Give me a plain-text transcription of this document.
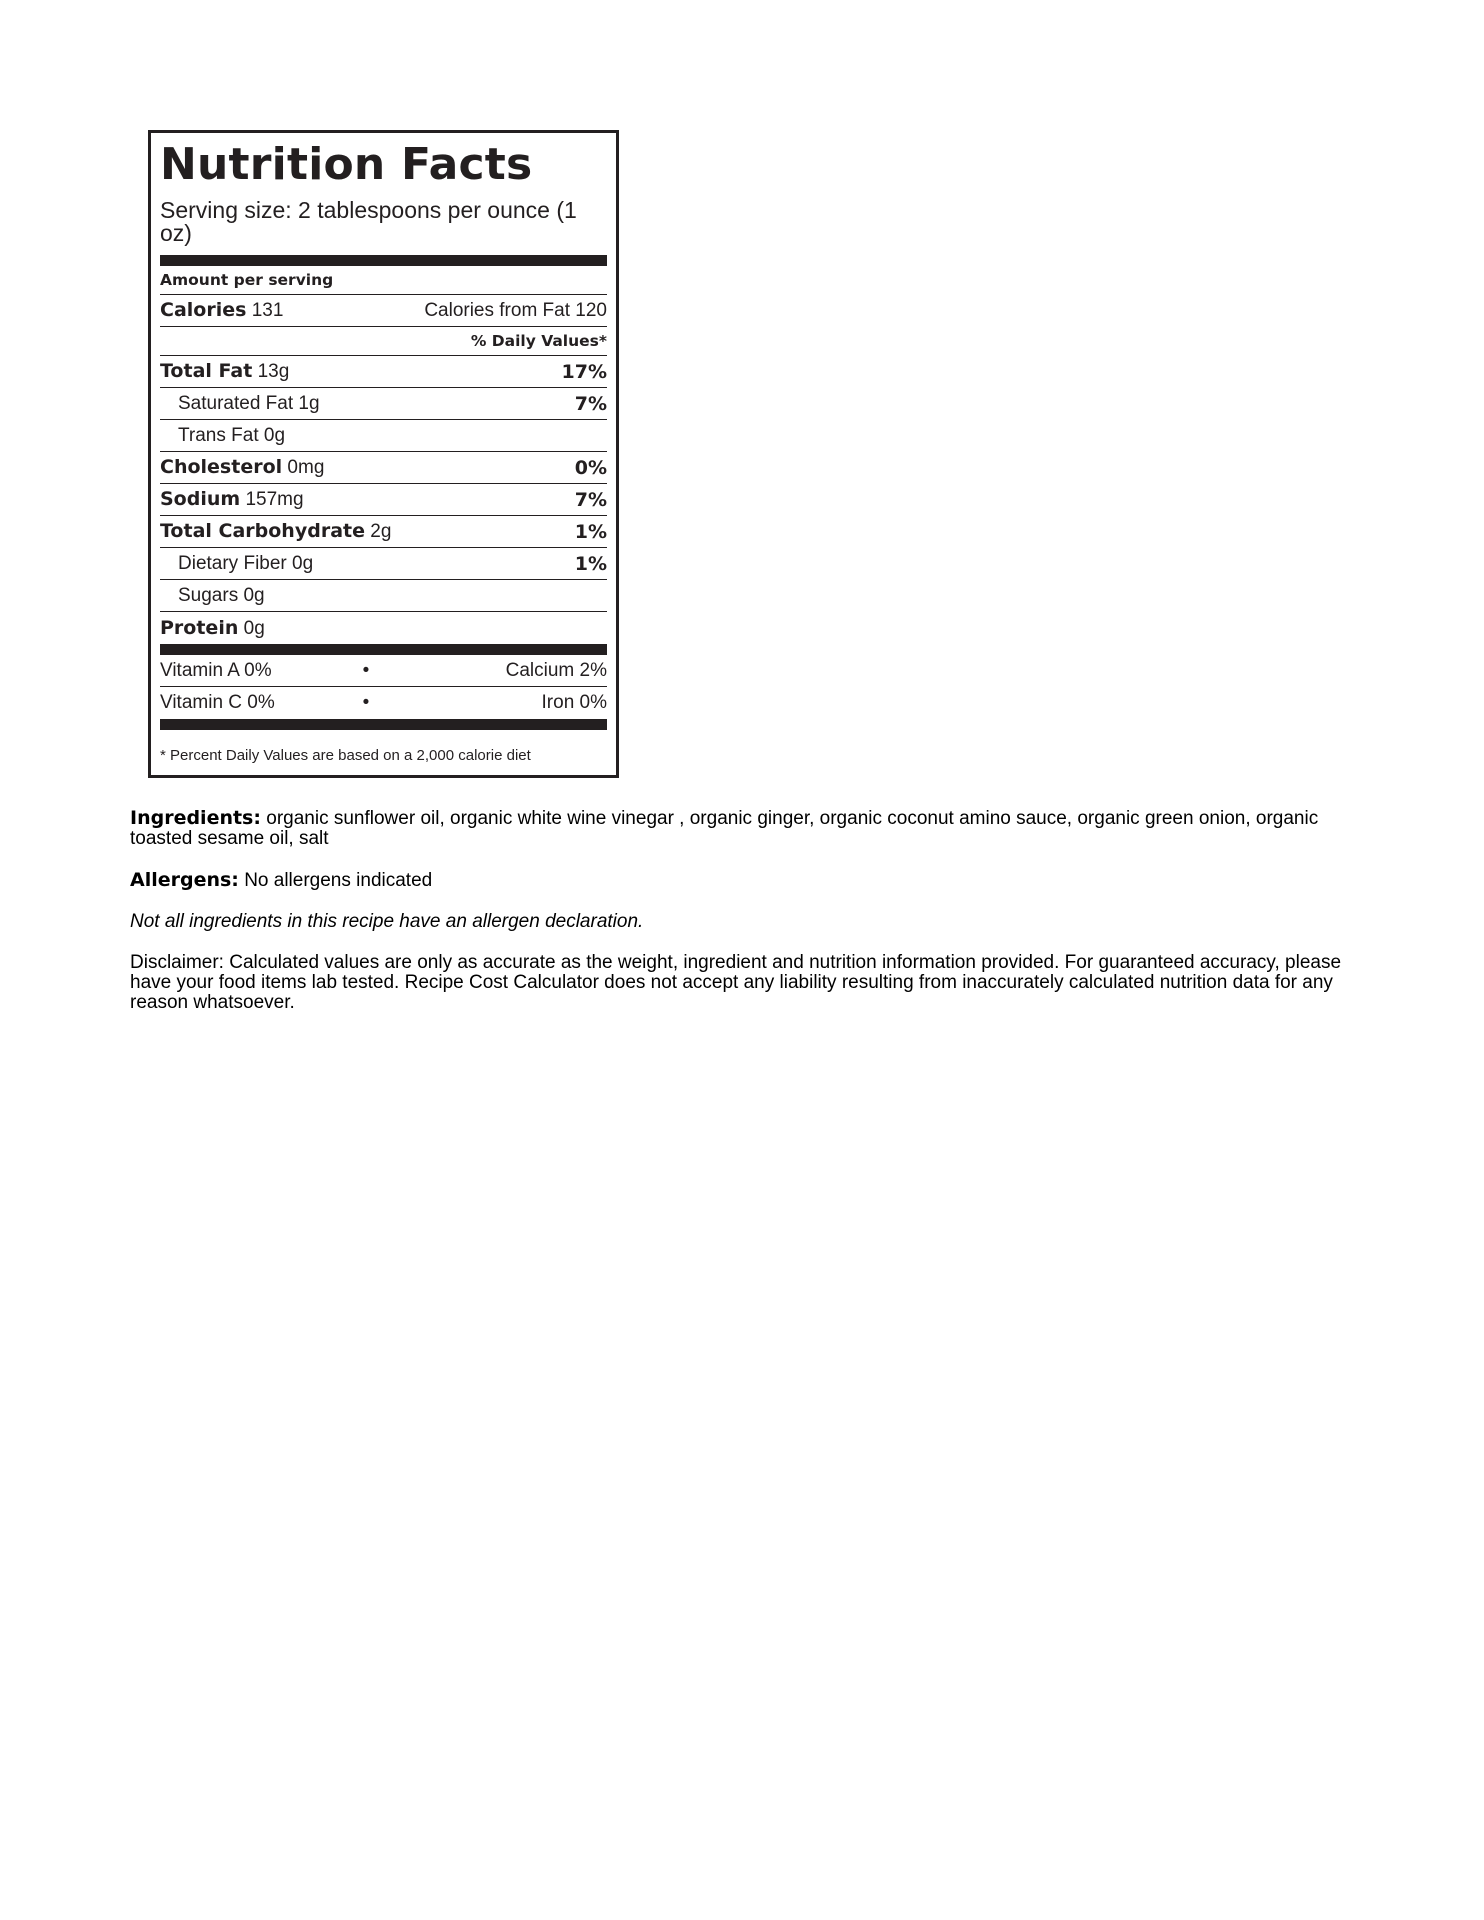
Nutrition Facts
Serving size: 2 tablespoons per ounce (1 oz)
Amount per serving
Calories 131	Calories from Fat 120
% Daily Values*
Total Fat 13g	17%
Saturated Fat 1g	7%
Trans Fat 0g
Cholesterol 0mg	0%
Sodium 157mg	7%
Total Carbohydrate 2g	1%
Dietary Fiber 0g	1%
Sugars 0g
Protein 0g
Vitamin A 0%	•	Calcium 2%
Vitamin C 0%	•	Iron 0%
* Percent Daily Values are based on a 2,000 calorie diet

Ingredients: organic sunflower oil, organic white wine vinegar , organic ginger, organic coconut amino sauce, organic green onion, organic toasted sesame oil, salt

Allergens: No allergens indicated

Not all ingredients in this recipe have an allergen declaration.

Disclaimer: Calculated values are only as accurate as the weight, ingredient and nutrition information provided. For guaranteed accuracy, please have your food items lab tested. Recipe Cost Calculator does not accept any liability resulting from inaccurately calculated nutrition data for any reason whatsoever.
